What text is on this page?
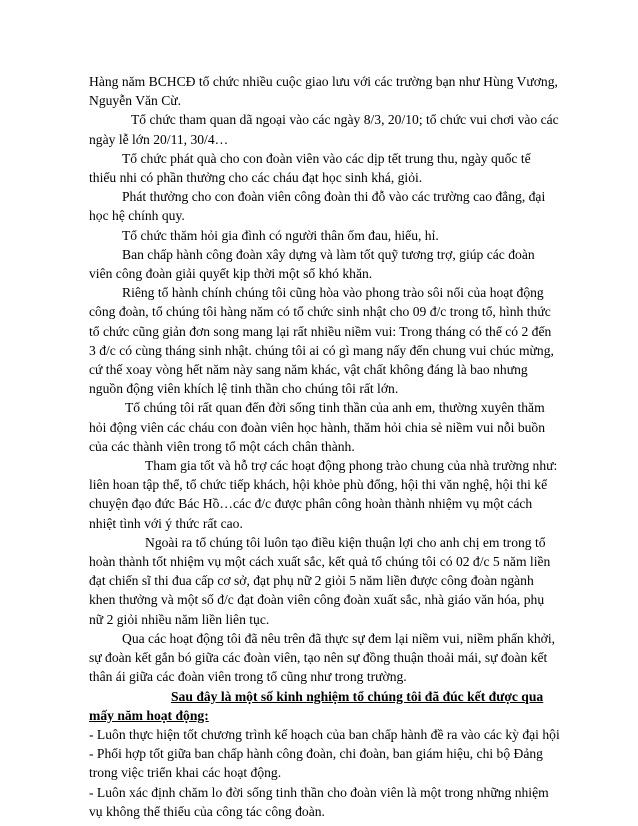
Hàng năm BCHCĐ tổ chức nhiều cuộc giao lưu với các trường bạn như Hùng Vương, Nguyễn Văn Cừ.

Tổ chức tham quan dã ngoại vào các ngày 8/3, 20/10; tổ chức vui chơi vào các ngày lễ lớn 20/11, 30/4…

Tổ chức phát quà cho con đoàn viên vào các dịp tết trung thu, ngày quốc tế thiếu nhi có phần thưởng cho các cháu đạt học sinh khá, giỏi.

Phát thưởng cho con đoàn viên công đoàn thi đỗ vào các trường cao đẳng, đại học hệ chính quy.

Tổ chức thăm hỏi gia đình có người thân ốm đau, hiếu, hỉ.

Ban chấp hành công đoàn xây dựng và làm tốt quỹ tương trợ, giúp các đoàn viên công đoàn giải quyết kịp thời một số khó khăn.

Riêng tổ hành chính chúng tôi cũng hòa vào phong trào sôi nổi của hoạt động công đoàn, tổ chúng tôi hàng năm có tổ chức sinh nhật cho 09 đ/c trong tổ, hình thức tổ chức cũng giản đơn song mang lại rất nhiều niềm vui: Trong tháng có thể có 2 đến 3 đ/c có cùng tháng sinh nhật. chúng tôi ai có gì mang nấy đến chung vui chúc mừng, cứ thế xoay vòng hết năm này sang năm khác, vật chất không đáng là bao nhưng nguồn động viên khích lệ tinh thần cho chúng tôi rất lớn.

Tổ chúng tôi rất quan đến đời sống tinh thần của anh em, thường xuyên thăm hỏi động viên các cháu con đoàn viên học hành, thăm hỏi chia sẻ niềm vui nỗi buồn của các thành viên trong tổ một cách chân thành.

Tham gia tốt và hỗ trợ các hoạt động phong trào chung của nhà trường như: liên hoan tập thể, tổ chức tiếp khách, hội khỏe phù đổng, hội thi văn nghệ, hội thi kể chuyện đạo đức Bác Hồ…các đ/c được phân công hoàn thành nhiệm vụ một cách nhiệt tình với ý thức rất cao.

Ngoài ra tổ chúng tôi luôn tạo điều kiện thuận lợi cho anh chị em trong tổ hoàn thành tốt nhiệm vụ một cách xuất sắc, kết quả tổ chúng tôi có 02 đ/c 5 năm liền đạt chiến sĩ thi đua cấp cơ sở, đạt phụ nữ 2 giỏi 5 năm liền được công đoàn ngành khen thưởng và một số đ/c đạt đoàn viên công đoàn xuất sắc, nhà giáo văn hóa, phụ nữ 2 giỏi nhiều năm liền liên tục.

Qua các hoạt động tôi đã nêu trên đã thực sự đem lại niềm vui, niềm phấn khởi, sự đoàn kết gắn bó giữa các đoàn viên, tạo nên sự đồng thuận thoải mái, sự đoàn kết thân ái giữa các đoàn viên trong tổ cũng như trong trường.

Sau đây là một số kinh nghiệm tổ chúng tôi đã đúc kết được qua mấy năm hoạt động:

- Luôn thực hiện tốt chương trình kế hoạch của ban chấp hành đề ra vào các kỳ đại hội

- Phối hợp tốt giữa ban chấp hành công đoàn, chi đoàn, ban giám hiệu, chi bộ Đảng trong việc triển khai các hoạt động.

- Luôn xác định chăm lo đời sống tinh thần cho đoàn viên là một trong những nhiệm vụ không thể thiếu của công tác công đoàn.
